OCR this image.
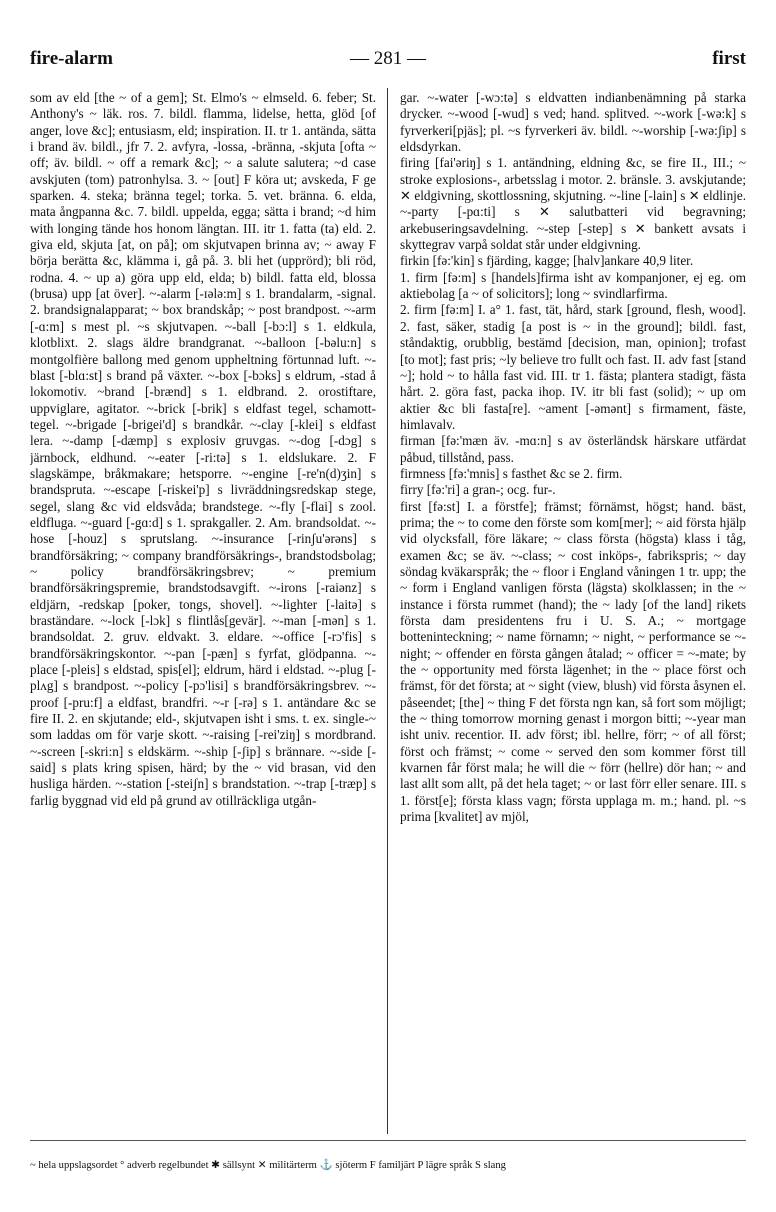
fire-alarm	— 281 —	first

som av eld [the ~ of a gem]; St. Elmo's ~ elmseld. 6. feber; St. Anthony's ~ läk. ros. 7. bildl. flamma, lidelse, hetta, glöd [of anger, love &c]; entusiasm, eld; inspiration. II. tr 1. antända, sätta i brand äv. bildl., jfr 7. 2. avfyra, -lossa, -bränna, -skjuta [ofta ~ off; äv. bildl. ~ off a remark &c]; ~ a salute salutera; ~d case avskjuten (tom) patronhylsa. 3. ~ [out] F köra ut; avskeda, F ge sparken. 4. steka; bränna tegel; torka. 5. vet. bränna. 6. elda, mata ångpanna &c. 7. bildl. uppelda, egga; sätta i brand; ~d him with longing tände hos honom längtan. III. itr 1. fatta (ta) eld. 2. giva eld, skjuta [at, on på]; om skjutvapen brinna av; ~ away F börja berätta &c, klämma i, gå på. 3. bli het (upprörd); bli röd, rodna. 4. ~ up a) göra upp eld, elda; b) bildl. fatta eld, blossa (brusa) upp [at över]. ~-alarm [-ɪələ:m] s 1. brandalarm, -signal. 2. brandsignalapparat; ~ box brandskåp; ~ post brandpost. ~-arm [-ɑ:m] s mest pl. ~s skjutvapen. ~-ball [-bɔ:l] s 1. eldkula, klotblixt. 2. slags äldre brandgranat. ~-balloon [-bəlu:n] s montgolfière ballong med genom uppheltning förtunnad luft. ~-blast [-blɑ:st] s brand på växter. ~-box [-bɔks] s eldrum, -stad å lokomotiv. ~brand [-brænd] s 1. eldbrand. 2. orostiftare, uppviglare, agitator. ~-brick [-brik] s eldfast tegel, schamott-tegel. ~-brigade [-brigei'd] s brandkår. ~-clay [-klei] s eldfast lera. ~-damp [-dæmp] s explosiv gruvgas. ~-dog [-dɔg] s järnbock, eldhund. ~-eater [-ri:tə] s 1. eldslukare. 2. F slagskämpe, bråkmakare; hetsporre. ~-engine [-re'n(d)ʒin] s brandspruta. ~-escape [-riskei'p] s livräddningsredskap stege, segel, slang &c vid eldsvåda; brandstege. ~-fly [-flai] s zool. eldfluga. ~-guard [-gɑ:d] s 1. sprakgaller. 2. Am. brandsoldat. ~-hose [-houz] s sprutslang. ~-insurance [-rinʃu'ərəns] s brandförsäkring; ~ company brandförsäkrings-, brandstodsbolag; ~ policy brandförsäkringsbrev; ~ premium brandförsäkringspremie, brandstodsavgift. ~-irons [-raiənz] s eldjärn, -redskap [poker, tongs, shovel]. ~-lighter [-laitə] s braständare. ~-lock [-lɔk] s flintlås[gevär]. ~-man [-mən] s 1. brandsoldat. 2. gruv. eldvakt. 3. eldare. ~-office [-rɔ'fis] s brandförsäkringskontor. ~-pan [-pæn] s fyrfat, glödpanna. ~-place [-pleis] s eldstad, spis[el]; eldrum, härd i eldstad. ~-plug [-plʌg] s brandpost. ~-policy [-pɔ'lisi] s brandförsäkringsbrev. ~-proof [-pru:f] a eldfast, brandfri. ~-r [-rə] s 1. antändare &c se fire II. 2. en skjutande; eld-, skjutvapen isht i sms. t. ex. single-~ som laddas om för varje skott. ~-raising [-rei'ziŋ] s mordbrand. ~-screen [-skri:n] s eldskärm. ~-ship [-ʃip] s brännare. ~-side [-said] s plats kring spisen, härd; by the ~ vid brasan, vid den husliga härden. ~-station [-steiʃn] s brandstation. ~-trap [-træp] s farlig byggnad vid eld på grund av otillräckliga utgån-

gar. ~-water [-wɔ:tə] s eldvatten indianbenämning på starka drycker. ~-wood [-wud] s ved; hand. splitved. ~-work [-wə:k] s fyrverkeri[pjäs]; pl. ~s fyrverkeri äv. bildl. ~-worship [-wə:ʃip] s eldsdyrkan.

firing [fai'əriŋ] s 1. antändning, eldning &c, se fire II., III.; ~ stroke explosions-, arbetsslag i motor. 2. bränsle. 3. avskjutande; ✕ eldgivning, skottlossning, skjutning. ~-line [-lain] s ✕ eldlinje. ~-party [-pɑ:ti] s ✕ salutbatteri vid begravning; arkebuseringsavdelning. ~-step [-step] s ✕ bankett avsats i skyttegrav varpå soldat står under eldgivning.

firkin [fə:'kin] s fjärding, kagge; [halv]ankare 40,9 liter.

1. firm [fə:m] s [handels]firma isht av kompanjoner, ej eg. om aktiebolag [a ~ of solicitors]; long ~ svindlarfirma.

2. firm [fə:m] I. a° 1. fast, tät, hård, stark [ground, flesh, wood]. 2. fast, säker, stadig [a post is ~ in the ground]; bildl. fast, ståndaktig, orubblig, bestämd [decision, man, opinion]; trofast [to mot]; fast pris; ~ly believe tro fullt och fast. II. adv fast [stand ~]; hold ~ to hålla fast vid. III. tr 1. fästa; plantera stadigt, fästa hårt. 2. göra fast, packa ihop. IV. itr bli fast (solid); ~ up om aktier &c bli fasta[re]. ~ament [-əmənt] s firmament, fäste, himlavalv.

firman [fə:'mæn äv. -mɑ:n] s av österländsk härskare utfärdat påbud, tillstånd, pass.

firmness [fə:'mnis] s fasthet &c se 2. firm.

firry [fə:'ri] a gran-; ocg. fur-.

first [fə:st] I. a förstfe]; främst; förnämst, högst; hand. bäst, prima; the ~ to come den förste som kom[mer]; ~ aid första hjälp vid olycksfall, före läkare; ~ class första (högsta) klass i tåg, examen &c; se äv. ~-class; ~ cost inköps-, fabrikspris; ~ day söndag kväkarspråk; the ~ floor i England våningen 1 tr. upp; the ~ form i England vanligen första (lägsta) skolklassen; in the ~ instance i första rummet (hand); the ~ lady [of the land] rikets första dam presidentens fru i U. S. A.; ~ mortgage botteninteckning; ~ name förnamn; ~ night, ~ performance se ~-night; ~ offender en första gången åtalad; ~ officer = ~-mate; by the ~ opportunity med första lägenhet; in the ~ place först och främst, för det första; at ~ sight (view, blush) vid första åsynen el. påseendet; [the] ~ thing F det första ngn kan, så fort som möjligt; the ~ thing tomorrow morning genast i morgon bitti; ~-year man isht univ. recentior. II. adv först; ibl. hellre, förr; ~ of all först; först och främst; ~ come ~ served den som kommer först till kvarnen får först mala; he will die ~ förr (hellre) dör han; ~ and last allt som allt, på det hela taget; ~ or last förr eller senare. III. s 1. först[e]; första klass vagn; första upplaga m. m.; hand. pl. ~s prima [kvalitet] av mjöl,

~ hela uppslagsordet ° adverb regelbundet ✱ sällsynt ✕ militärterm ⚓ sjöterm F familjärt P lägre språk S slang
